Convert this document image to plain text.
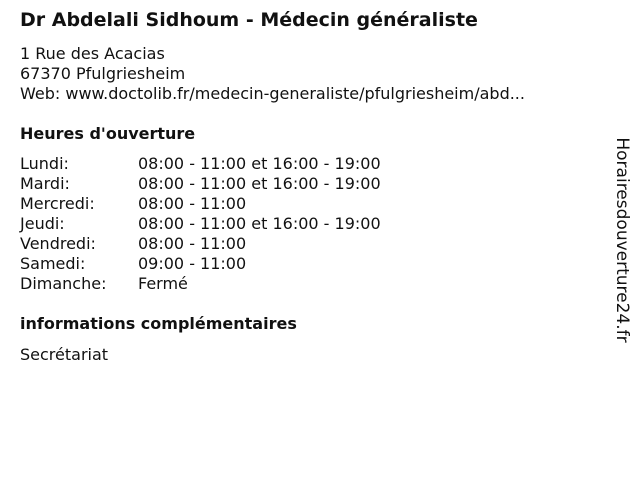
Dr Abdelali Sidhoum - Médecin généraliste
1 Rue des Acacias
67370 Pfulgriesheim
Web: www.doctolib.fr/medecin-generaliste/pfulgriesheim/abd...
Heures d'ouverture
Lundi:	08:00 - 11:00 et 16:00 - 19:00
Mardi:	08:00 - 11:00 et 16:00 - 19:00
Mercredi:	08:00 - 11:00
Jeudi:	08:00 - 11:00 et 16:00 - 19:00
Vendredi:	08:00 - 11:00
Samedi:	09:00 - 11:00
Dimanche: Fermé
informations complémentaires
Secrétariat
Horairesdouverture24.fr
